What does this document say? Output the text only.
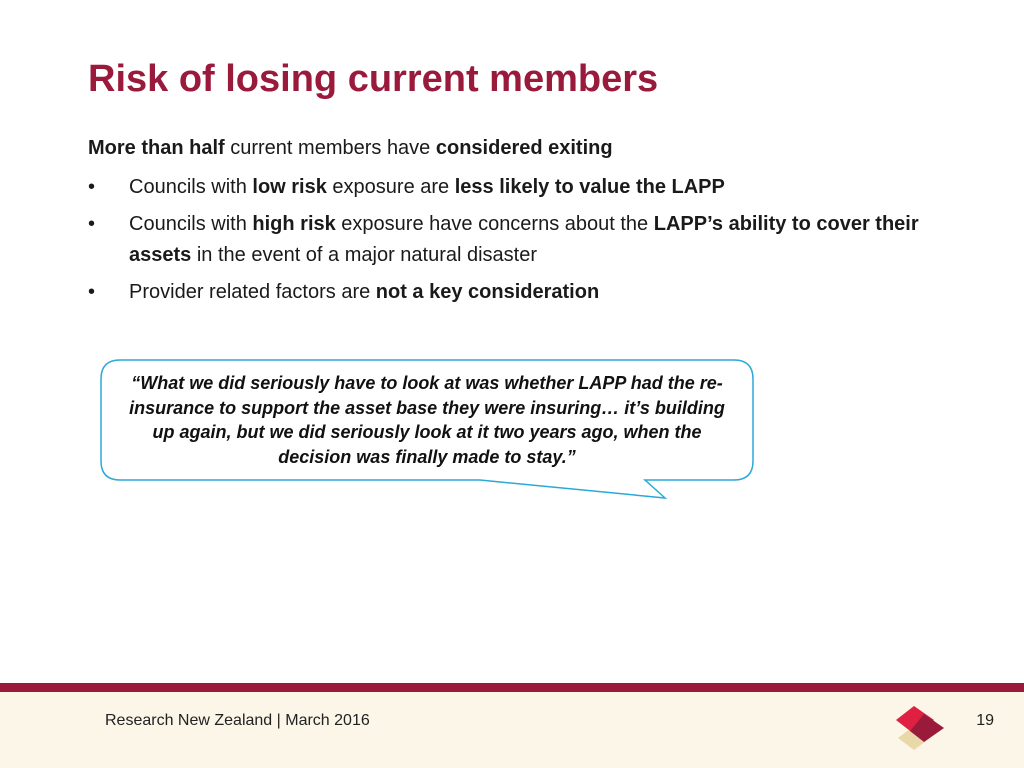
Risk of losing current members

More than half current members have considered exiting

• Councils with low risk exposure are less likely to value the LAPP
• Councils with high risk exposure have concerns about the LAPP’s ability to cover their assets in the event of a major natural disaster
• Provider related factors are not a key consideration

“What we did seriously have to look at was whether LAPP had the re-insurance to support the asset base they were insuring… it’s building up again, but we did seriously look at it two years ago, when the decision was finally made to stay.”

Research New Zealand | March 2016	19
